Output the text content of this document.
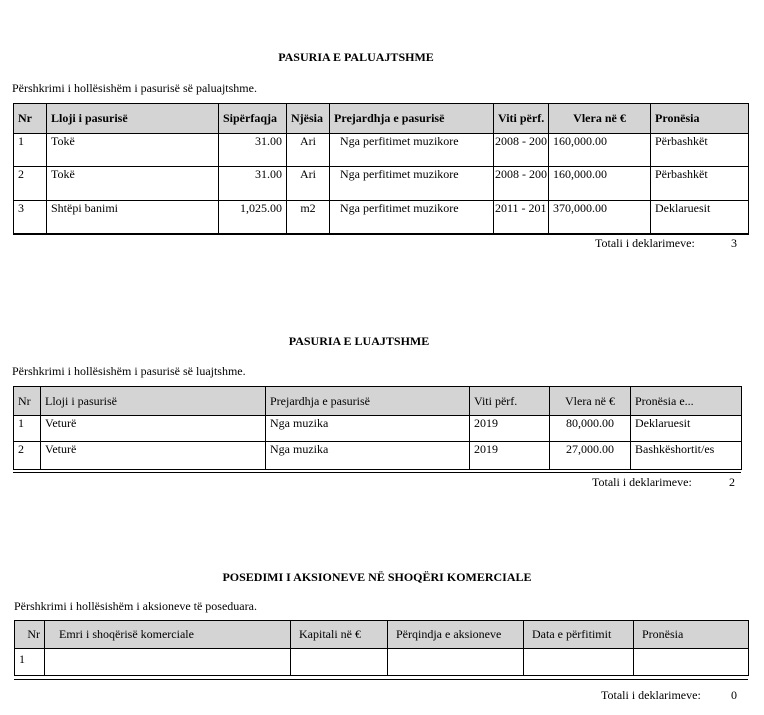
PASURIA E PALUAJTSHME
Përshkrimi i hollësishëm i pasurisë së paluajtshme.
Nr	Lloji i pasurisë	Sipërfaqja	Njësia	Prejardhja e pasurisë	Viti përf.	Vlera në €	Pronësia
1	Tokë	31.00	Ari	Nga perfitimet muzikore	2008 - 200	160,000.00	Përbashkët
2	Tokë	31.00	Ari	Nga perfitimet muzikore	2008 - 200	160,000.00	Përbashkët
3	Shtëpi banimi	1,025.00	m2	Nga perfitimet muzikore	2011 - 201	370,000.00	Deklaruesit
Totali i deklarimeve:	3
PASURIA E LUAJTSHME
Përshkrimi i hollësishëm i pasurisë së luajtshme.
Nr	Lloji i pasurisë	Prejardhja e pasurisë	Viti përf.	Vlera në €	Pronësia e...
1	Veturë	Nga muzika	2019	80,000.00	Deklaruesit
2	Veturë	Nga muzika	2019	27,000.00	Bashkëshortit/es
Totali i deklarimeve:	2
POSEDIMI I AKSIONEVE NË SHOQËRI KOMERCIALE
Përshkrimi i hollësishëm i aksioneve të poseduara.
Nr	Emri i shoqërisë komerciale	Kapitali në €	Përqindja e aksioneve	Data e përfitimit	Pronësia
1					
Totali i deklarimeve:	0
